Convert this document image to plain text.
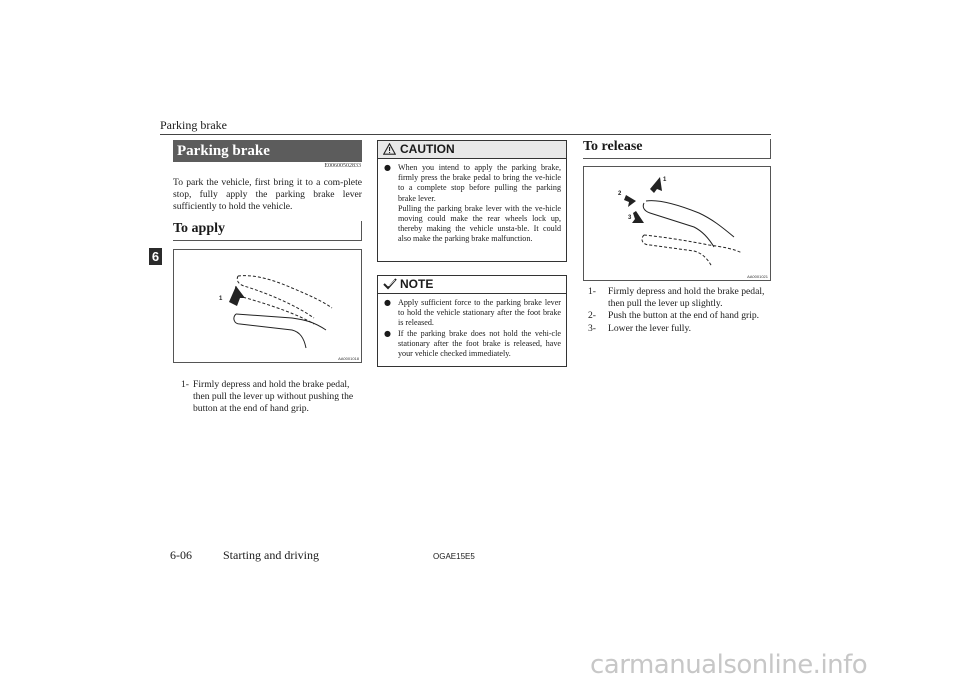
Parking brake
6
Parking brake
E00600502833
To park the vehicle, first bring it to a com-plete stop, fully apply the parking brake lever sufficiently to hold the vehicle.
To apply
1
AA0001018
1- Firmly depress and hold the brake pedal, then pull the lever up without pushing the button at the end of hand grip.
CAUTION
● When you intend to apply the parking brake, firmly press the brake pedal to bring the ve-hicle to a complete stop before pulling the parking brake lever.
Pulling the parking brake lever with the ve-hicle moving could make the rear wheels lock up, thereby making the vehicle unsta-ble. It could also make the parking brake malfunction.
NOTE
● Apply sufficient force to the parking brake lever to hold the vehicle stationary after the foot brake is released.
● If the parking brake does not hold the vehi-cle stationary after the foot brake is released, have your vehicle checked immediately.
To release
1
2
3
AA0001021
1- Firmly depress and hold the brake pedal, then pull the lever up slightly.
2- Push the button at the end of hand grip.
3- Lower the lever fully.
6-06	Starting and driving	OGAE15E5
carmanualsonline.info
